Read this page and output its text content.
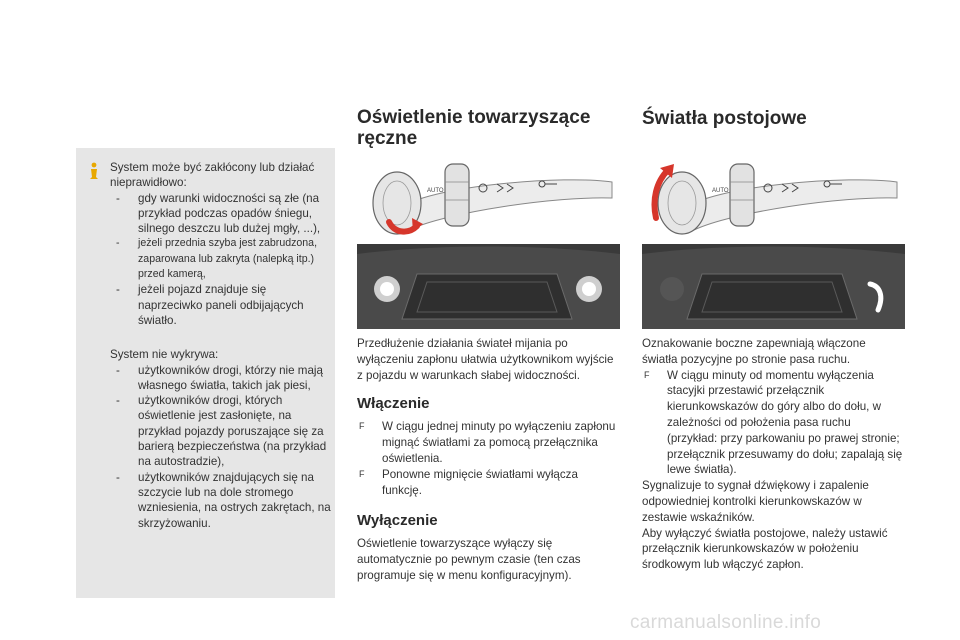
System może być zakłócony lub działać nieprawidłowo:

- gdy warunki widoczności są złe (na przykład podczas opadów śniegu, silnego deszczu lub dużej mgły, ...),
- jeżeli przednia szyba jest zabrudzona, zaparowana lub zakryta (nalepką itp.) przed kamerą,
- jeżeli pojazd znajduje się naprzeciwko paneli odbijających światło.

System nie wykrywa:

- użytkowników drogi, którzy nie mają własnego światła, takich jak piesi,
- użytkowników drogi, których oświetlenie jest zasłonięte, na przykład pojazdy poruszające się za barierą bezpieczeństwa (na przykład na autostradzie),
- użytkowników znajdujących się na szczycie lub na dole stromego wzniesienia, na ostrych zakrętach, na skrzyżowaniu.
Oświetlenie towarzyszące
ręczne
AUTO

Przedłużenie działania świateł mijania po wyłączeniu zapłonu ułatwia użytkownikom wyjście z pojazdu w warunkach słabej widoczności.

Włączenie
F W ciągu jednej minuty po wyłączeniu zapłonu mignąć światłami za pomocą przełącznika oświetlenia.
F Ponowne mignięcie światłami wyłącza funkcję.
Wyłączenie

Oświetlenie towarzyszące wyłączy się automatycznie po pewnym czasie (ten czas programuje się w menu konfiguracyjnym).

Światła postojowe
AUTO

Oznakowanie boczne zapewniają włączone światła pozycyjne po stronie pasa ruchu.

F W ciągu minuty od momentu wyłączenia stacyjki przestawić przełącznik kierunkowskazów do góry albo do dołu, w zależności od położenia pasa ruchu (przykład: przy parkowaniu po prawej stronie; przełącznik przesuwamy do dołu; zapalają się lewe światła).

Sygnalizuje to sygnał dźwiękowy i zapalenie odpowiedniej kontrolki kierunkowskazów w zestawie wskaźników.

Aby wyłączyć światła postojowe, należy ustawić przełącznik kierunkowskazów w położeniu środkowym lub włączyć zapłon.

carmanualsonline.info
